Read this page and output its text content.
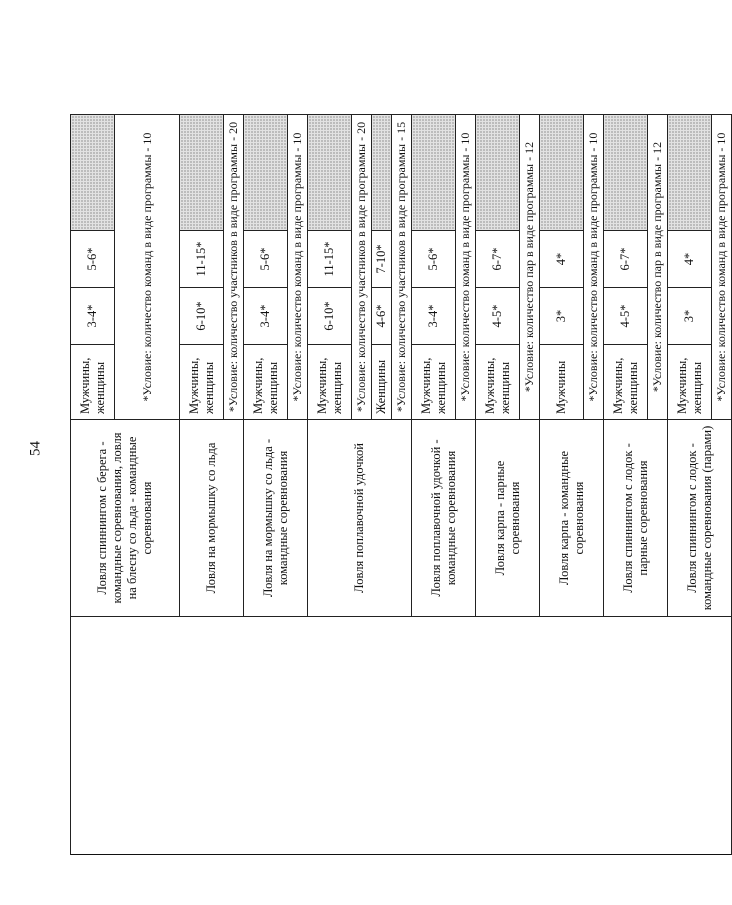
54
		Ловля спиннингом с берега - командные соревнования, ловля на блесну со льда - командные соревнования	Мужчины, женщины	3-4*	5-6*	
		*Условие: количество команд в виде программы - 10			
	Ловля на мормышку со льда	Мужчины, женщины	6-10*	11-15*	
		*Условие: количество участников в виде программы - 20			
	Ловля на мормышку со льда - командные соревнования	Мужчины, женщины	3-4*	5-6*	
		*Условие: количество команд в виде программы - 10			
	Ловля поплавочной удочкой	Мужчины, женщины	6-10*	11-15*	
		*Условие: количество участников в виде программы - 20			
		Женщины	4-6*	7-10*	
		*Условие: количество участников в виде программы - 15			
	Ловля поплавочной удочкой - командные соревнования	Мужчины, женщины	3-4*	5-6*	
		*Условие: количество команд в виде программы - 10			
	Ловля карпа - парные соревнования	Мужчины, женщины	4-5*	6-7*	
		*Условие: количество пар в виде программы - 12			
	Ловля карпа - командные соревнования	Мужчины	3*	4*	
		*Условие: количество команд в виде программы - 10			
	Ловля спиннингом с лодок - парные соревнования	Мужчины, женщины	4-5*	6-7*	
		*Условие: количество пар в виде программы - 12			
	Ловля спиннингом с лодок - командные соревнования (парами)	Мужчины, женщины	3*	4*	
		*Условие: количество команд в виде программы - 10			
